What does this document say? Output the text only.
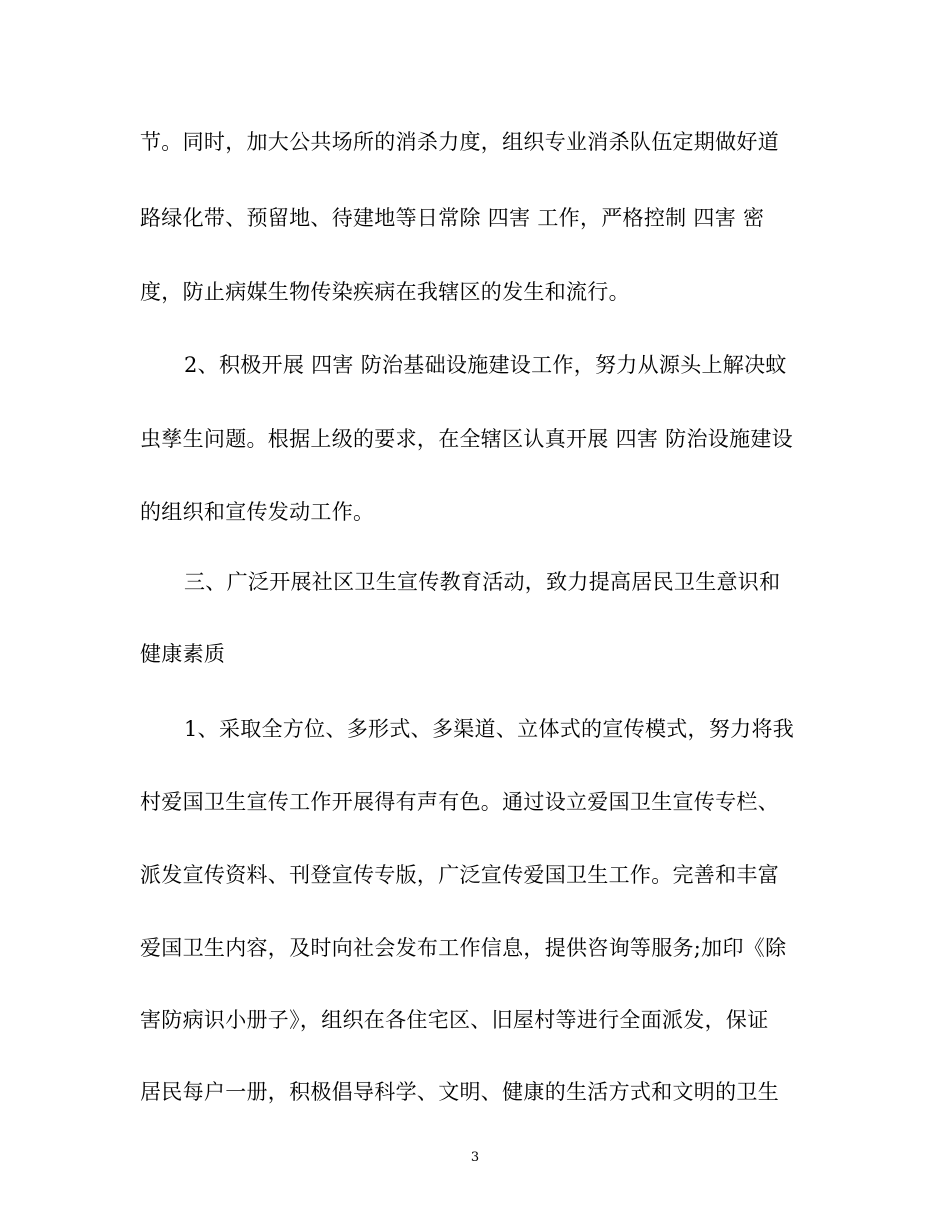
节。同时，加大公共场所的消杀力度，组织专业消杀队伍定期做好道
路绿化带、预留地、待建地等日常除 四害 工作，严格控制 四害 密
度，防止病媒生物传染疾病在我辖区的发生和流行。
2、积极开展 四害 防治基础设施建设工作，努力从源头上解决蚊
虫孳生问题。根据上级的要求，在全辖区认真开展 四害 防治设施建设
的组织和宣传发动工作。
三、广泛开展社区卫生宣传教育活动，致力提高居民卫生意识和
健康素质
1、采取全方位、多形式、多渠道、立体式的宣传模式，努力将我
村爱国卫生宣传工作开展得有声有色。通过设立爱国卫生宣传专栏、
派发宣传资料、刊登宣传专版，广泛宣传爱国卫生工作。完善和丰富
爱国卫生内容，及时向社会发布工作信息，提供咨询等服务;加印《除
害防病识小册子》，组织在各住宅区、旧屋村等进行全面派发，保证
居民每户一册，积极倡导科学、文明、健康的生活方式和文明的卫生
3
